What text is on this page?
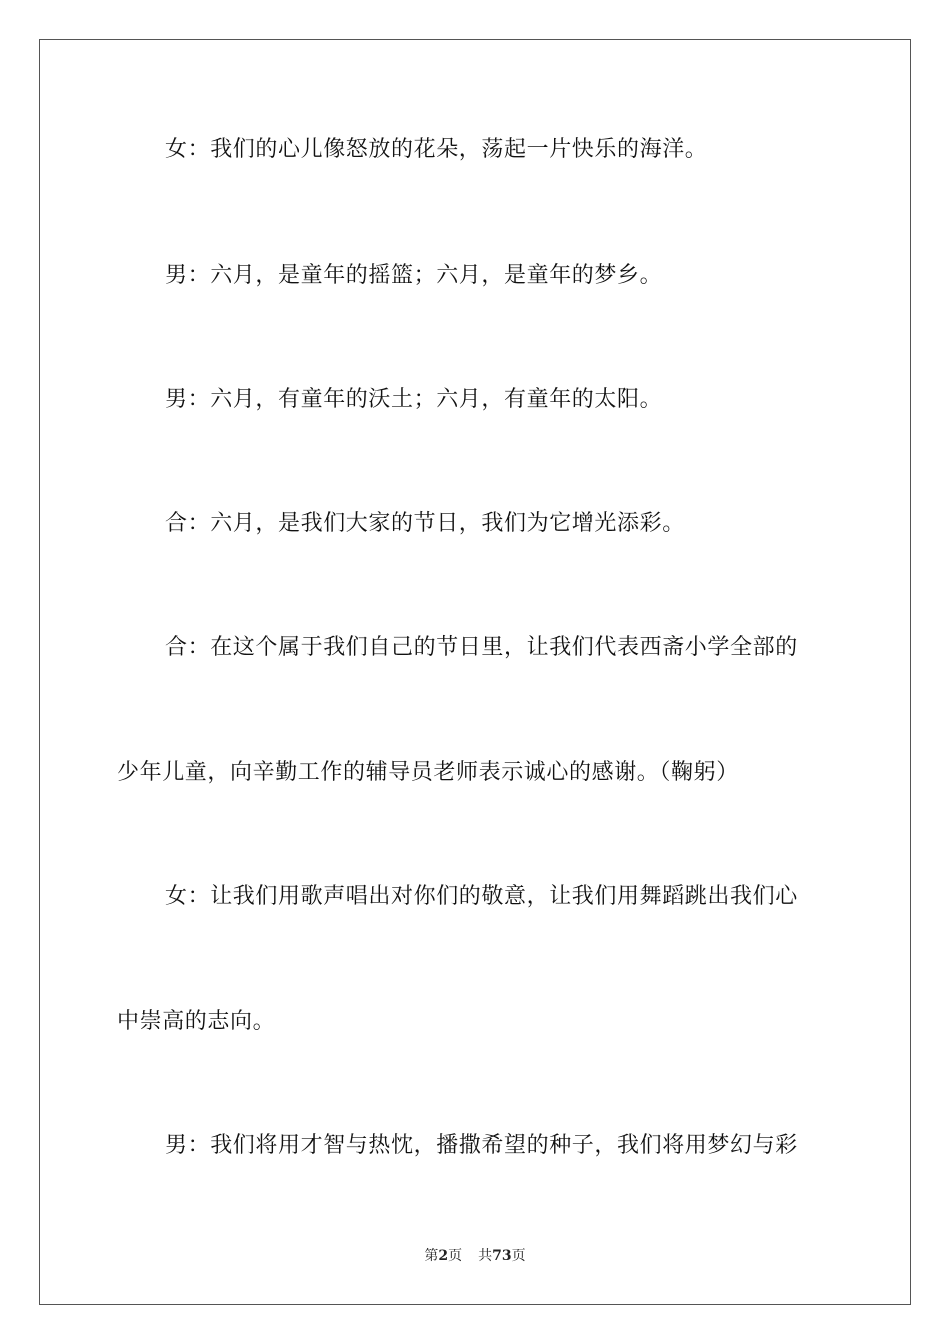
女：我们的心儿像怒放的花朵，荡起一片快乐的海洋。
男：六月，是童年的摇篮；六月，是童年的梦乡。
男：六月，有童年的沃土；六月，有童年的太阳。
合：六月，是我们大家的节日，我们为它增光添彩。
合：在这个属于我们自己的节日里，让我们代表西斋小学全部的
少年儿童，向辛勤工作的辅导员老师表示诚心的感谢。（鞠躬）
女：让我们用歌声唱出对你们的敬意，让我们用舞蹈跳出我们心
中崇高的志向。
男：我们将用才智与热忱，播撒希望的种子，我们将用梦幻与彩
第2页 共73页
